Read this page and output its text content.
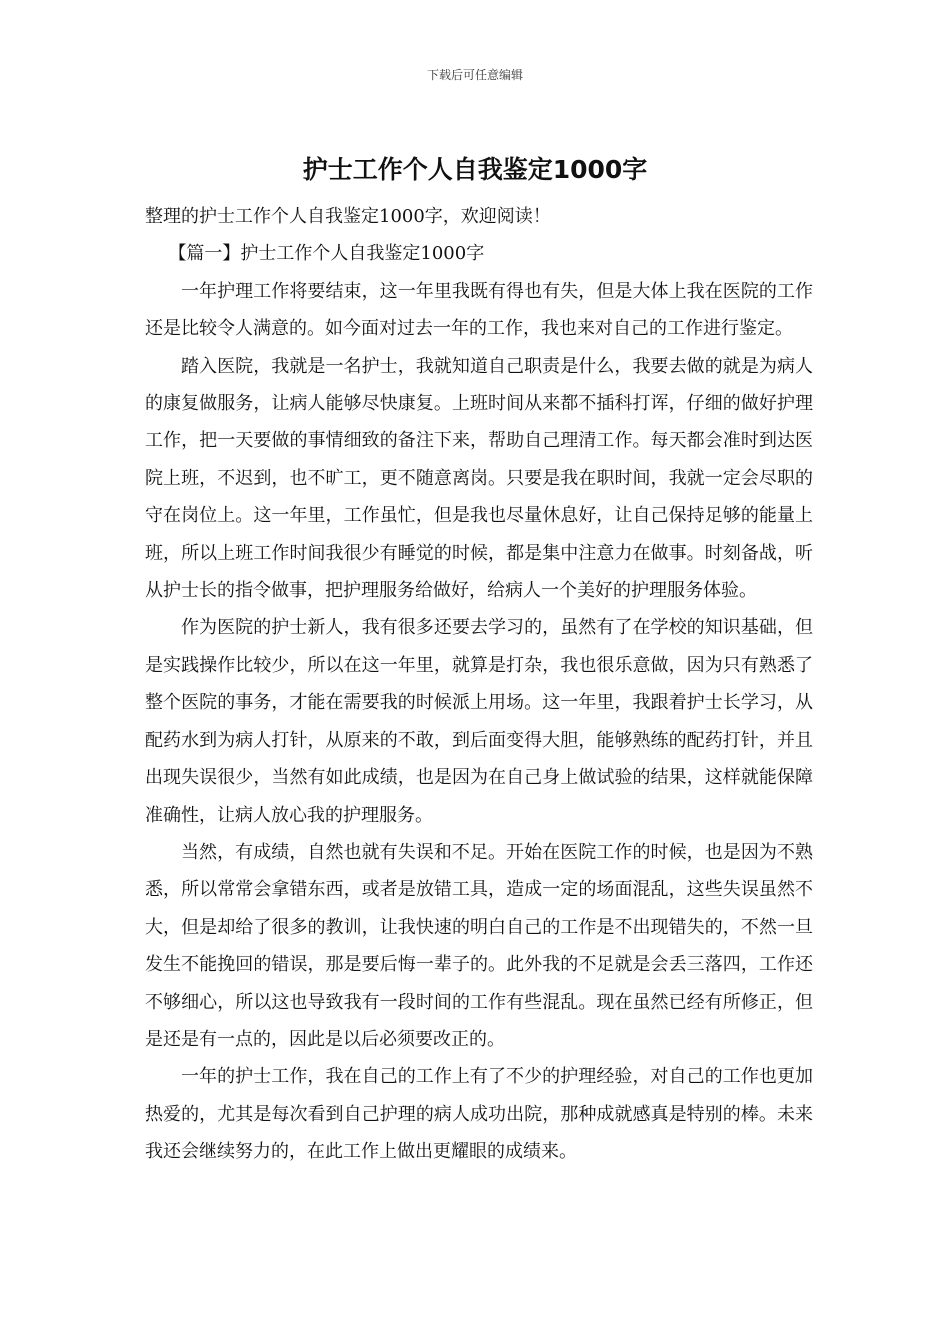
下载后可任意编辑
护士工作个人自我鉴定1000字

整理的护士工作个人自我鉴定1000字，欢迎阅读！

【篇一】护士工作个人自我鉴定1000字

一年护理工作将要结束，这一年里我既有得也有失，但是大体上我在医院的工作还是比较令人满意的。如今面对过去一年的工作，我也来对自己的工作进行鉴定。

踏入医院，我就是一名护士，我就知道自己职责是什么，我要去做的就是为病人的康复做服务，让病人能够尽快康复。上班时间从来都不插科打诨，仔细的做好护理工作，把一天要做的事情细致的备注下来，帮助自己理清工作。每天都会准时到达医院上班，不迟到，也不旷工，更不随意离岗。只要是我在职时间，我就一定会尽职的守在岗位上。这一年里，工作虽忙，但是我也尽量休息好，让自己保持足够的能量上班，所以上班工作时间我很少有睡觉的时候，都是集中注意力在做事。时刻备战，听从护士长的指令做事，把护理服务给做好，给病人一个美好的护理服务体验。

作为医院的护士新人，我有很多还要去学习的，虽然有了在学校的知识基础，但是实践操作比较少，所以在这一年里，就算是打杂，我也很乐意做，因为只有熟悉了整个医院的事务，才能在需要我的时候派上用场。这一年里，我跟着护士长学习，从配药水到为病人打针，从原来的不敢，到后面变得大胆，能够熟练的配药打针，并且出现失误很少，当然有如此成绩，也是因为在自己身上做试验的结果，这样就能保障准确性，让病人放心我的护理服务。

当然，有成绩，自然也就有失误和不足。开始在医院工作的时候，也是因为不熟悉，所以常常会拿错东西，或者是放错工具，造成一定的场面混乱，这些失误虽然不大，但是却给了很多的教训，让我快速的明白自己的工作是不出现错失的，不然一旦发生不能挽回的错误，那是要后悔一辈子的。此外我的不足就是会丢三落四，工作还不够细心，所以这也导致我有一段时间的工作有些混乱。现在虽然已经有所修正，但是还是有一点的，因此是以后必须要改正的。

一年的护士工作，我在自己的工作上有了不少的护理经验，对自己的工作也更加热爱的，尤其是每次看到自己护理的病人成功出院，那种成就感真是特别的棒。未来我还会继续努力的，在此工作上做出更耀眼的成绩来。
